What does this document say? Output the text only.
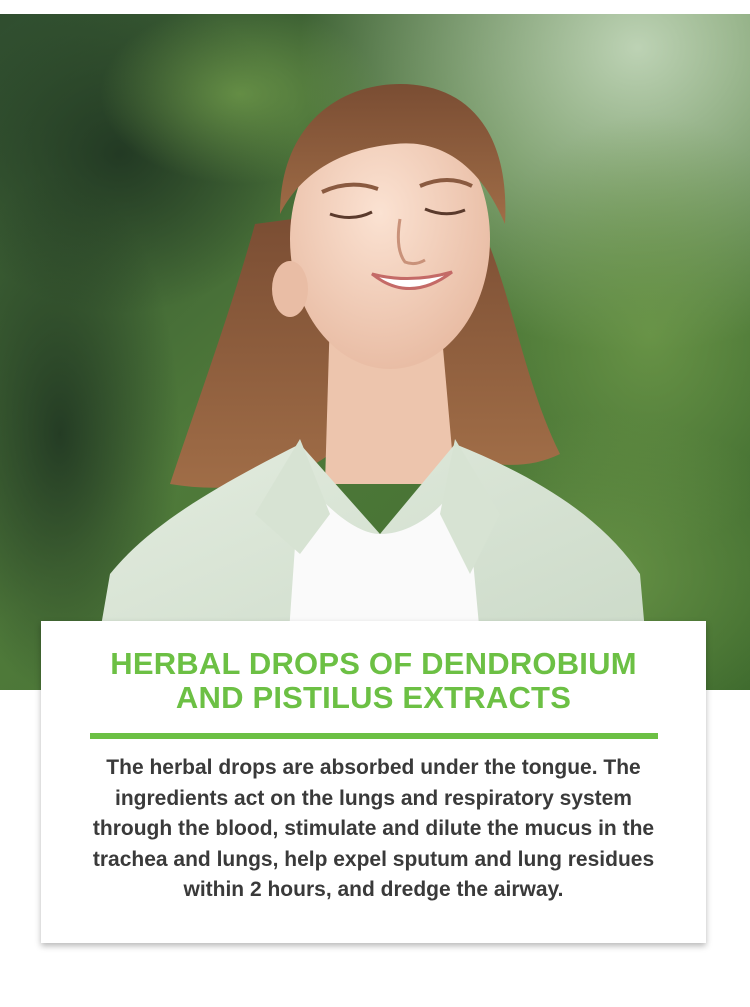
HERBAL DROPS OF DENDROBIUM
AND PISTILUS EXTRACTS
The herbal drops are absorbed under the tongue. The ingredients act on the lungs and respiratory system through the blood, stimulate and dilute the mucus in the trachea and lungs, help expel sputum and lung residues within 2 hours, and dredge the airway.
